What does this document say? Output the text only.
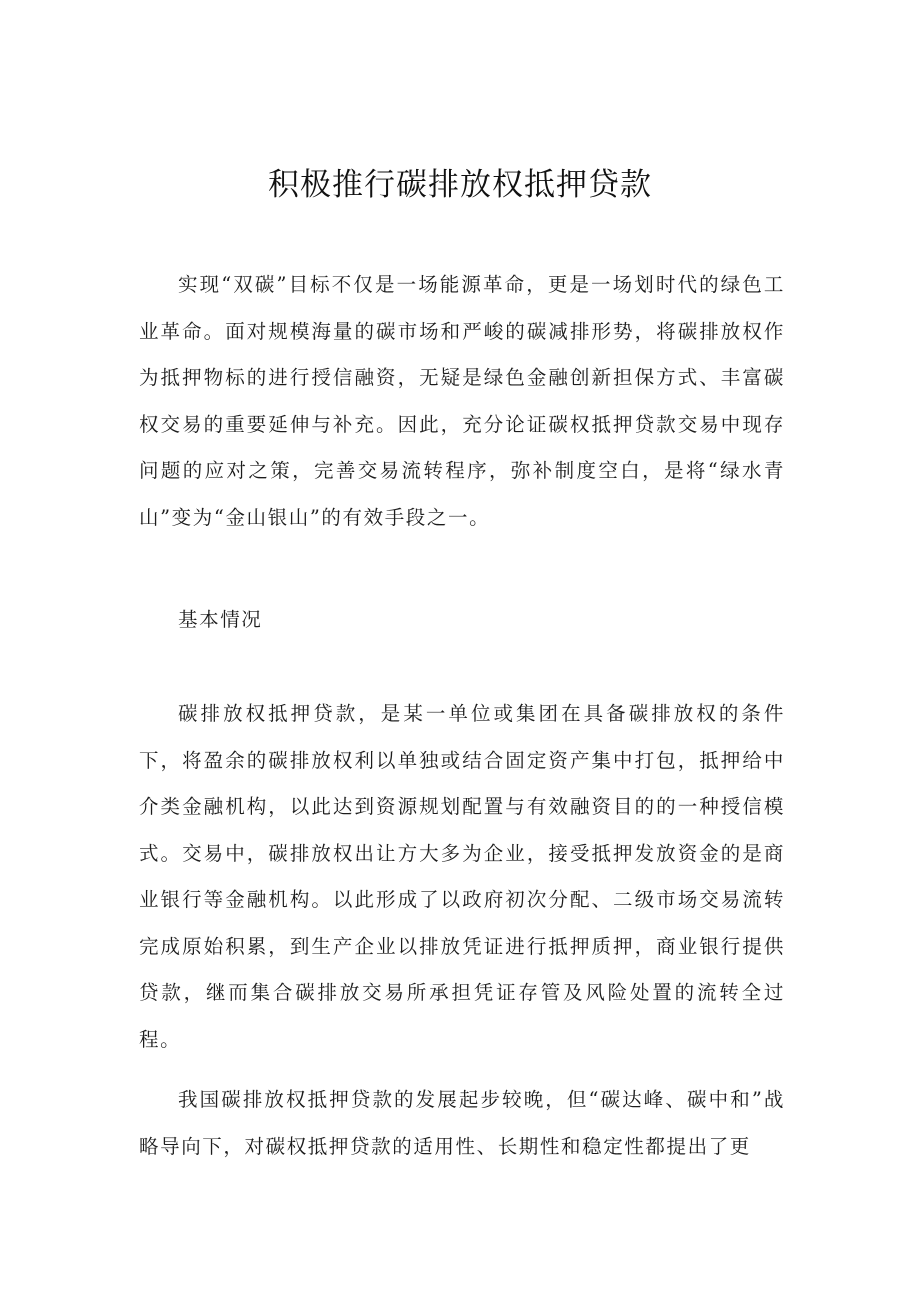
积极推行碳排放权抵押贷款

实现“双碳”目标不仅是一场能源革命，更是一场划时代的绿色工业革命。面对规模海量的碳市场和严峻的碳减排形势，将碳排放权作为抵押物标的进行授信融资，无疑是绿色金融创新担保方式、丰富碳权交易的重要延伸与补充。因此，充分论证碳权抵押贷款交易中现存问题的应对之策，完善交易流转程序，弥补制度空白，是将“绿水青山”变为“金山银山”的有效手段之一。

基本情况

碳排放权抵押贷款，是某一单位或集团在具备碳排放权的条件下，将盈余的碳排放权利以单独或结合固定资产集中打包，抵押给中介类金融机构，以此达到资源规划配置与有效融资目的的一种授信模式。交易中，碳排放权出让方大多为企业，接受抵押发放资金的是商业银行等金融机构。以此形成了以政府初次分配、二级市场交易流转完成原始积累，到生产企业以排放凭证进行抵押质押，商业银行提供贷款，继而集合碳排放交易所承担凭证存管及风险处置的流转全过程。

我国碳排放权抵押贷款的发展起步较晚，但“碳达峰、碳中和”战略导向下，对碳权抵押贷款的适用性、长期性和稳定性都提出了更
